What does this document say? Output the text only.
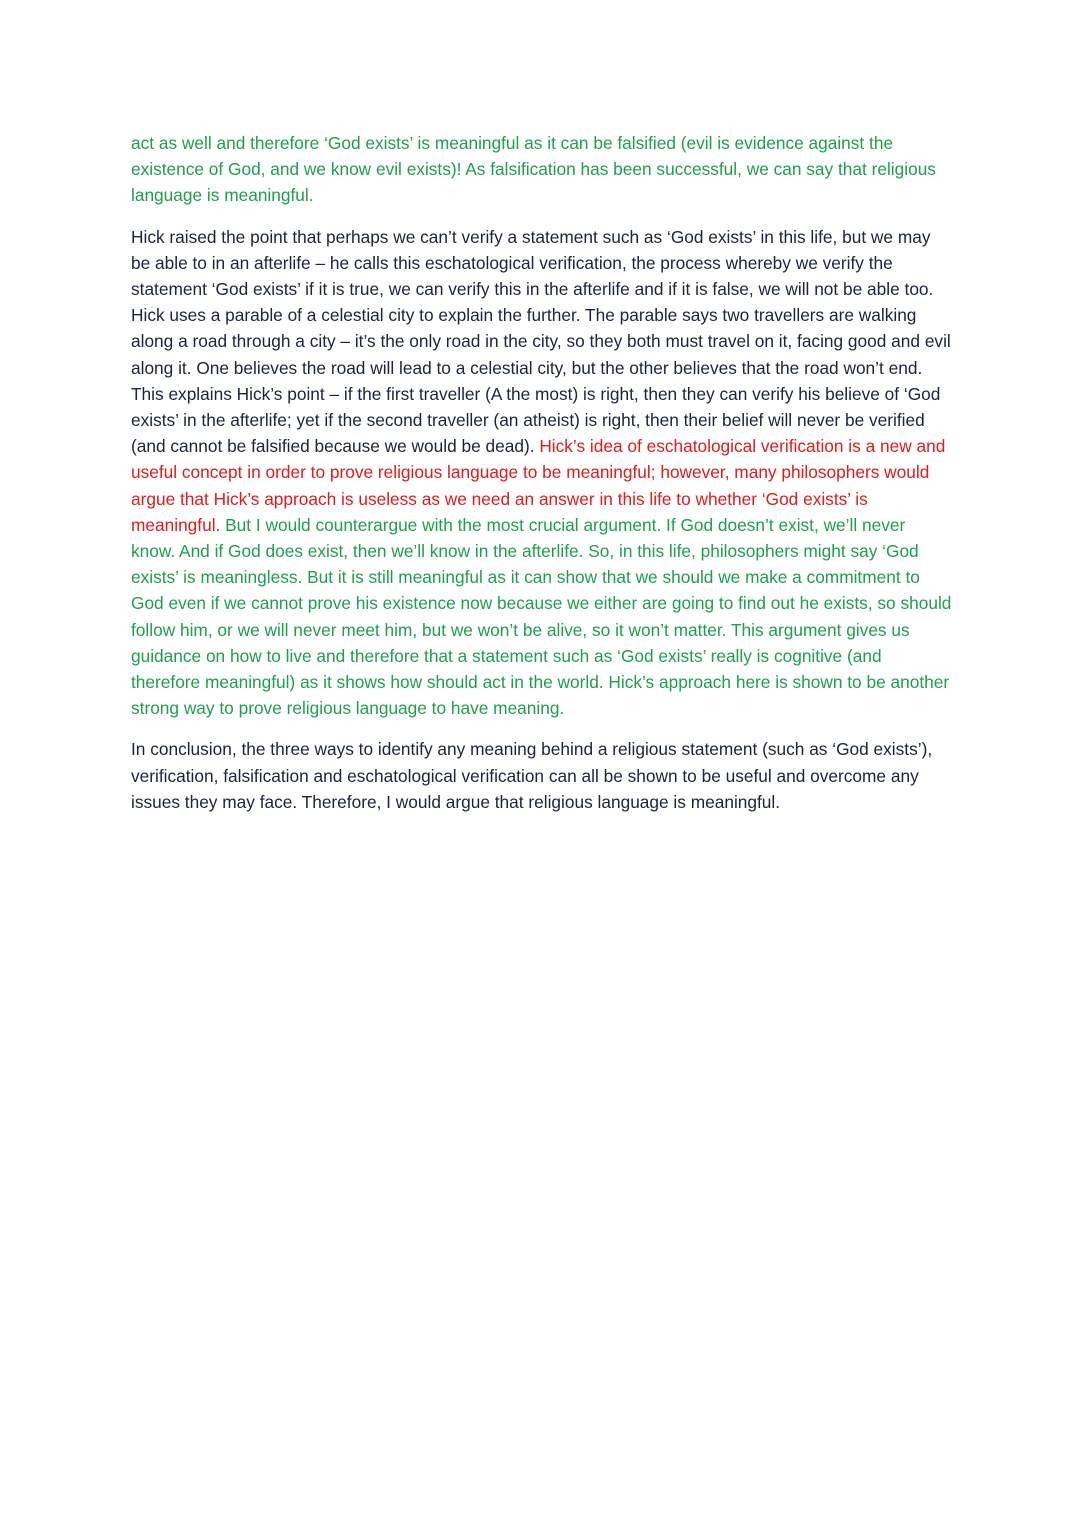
act as well and therefore ‘God exists’ is meaningful as it can be falsified (evil is evidence against the existence of God, and we know evil exists)! As falsification has been successful, we can say that religious language is meaningful.

Hick raised the point that perhaps we can’t verify a statement such as ‘God exists’ in this life, but we may be able to in an afterlife – he calls this eschatological verification, the process whereby we verify the statement ‘God exists’ if it is true, we can verify this in the afterlife and if it is false, we will not be able too. Hick uses a parable of a celestial city to explain the further. The parable says two travellers are walking along a road through a city – it’s the only road in the city, so they both must travel on it, facing good and evil along it. One believes the road will lead to a celestial city, but the other believes that the road won’t end. This explains Hick’s point – if the first traveller (A the most) is right, then they can verify his believe of ‘God exists’ in the afterlife; yet if the second traveller (an atheist) is right, then their belief will never be verified (and cannot be falsified because we would be dead). Hick’s idea of eschatological verification is a new and useful concept in order to prove religious language to be meaningful; however, many philosophers would argue that Hick’s approach is useless as we need an answer in this life to whether ‘God exists’ is meaningful. But I would counterargue with the most crucial argument. If God doesn’t exist, we’ll never know. And if God does exist, then we’ll know in the afterlife. So, in this life, philosophers might say ‘God exists’ is meaningless. But it is still meaningful as it can show that we should we make a commitment to God even if we cannot prove his existence now because we either are going to find out he exists, so should follow him, or we will never meet him, but we won’t be alive, so it won’t matter. This argument gives us guidance on how to live and therefore that a statement such as ‘God exists’ really is cognitive (and therefore meaningful) as it shows how should act in the world. Hick’s approach here is shown to be another strong way to prove religious language to have meaning.

In conclusion, the three ways to identify any meaning behind a religious statement (such as ‘God exists’), verification, falsification and eschatological verification can all be shown to be useful and overcome any issues they may face. Therefore, I would argue that religious language is meaningful.
